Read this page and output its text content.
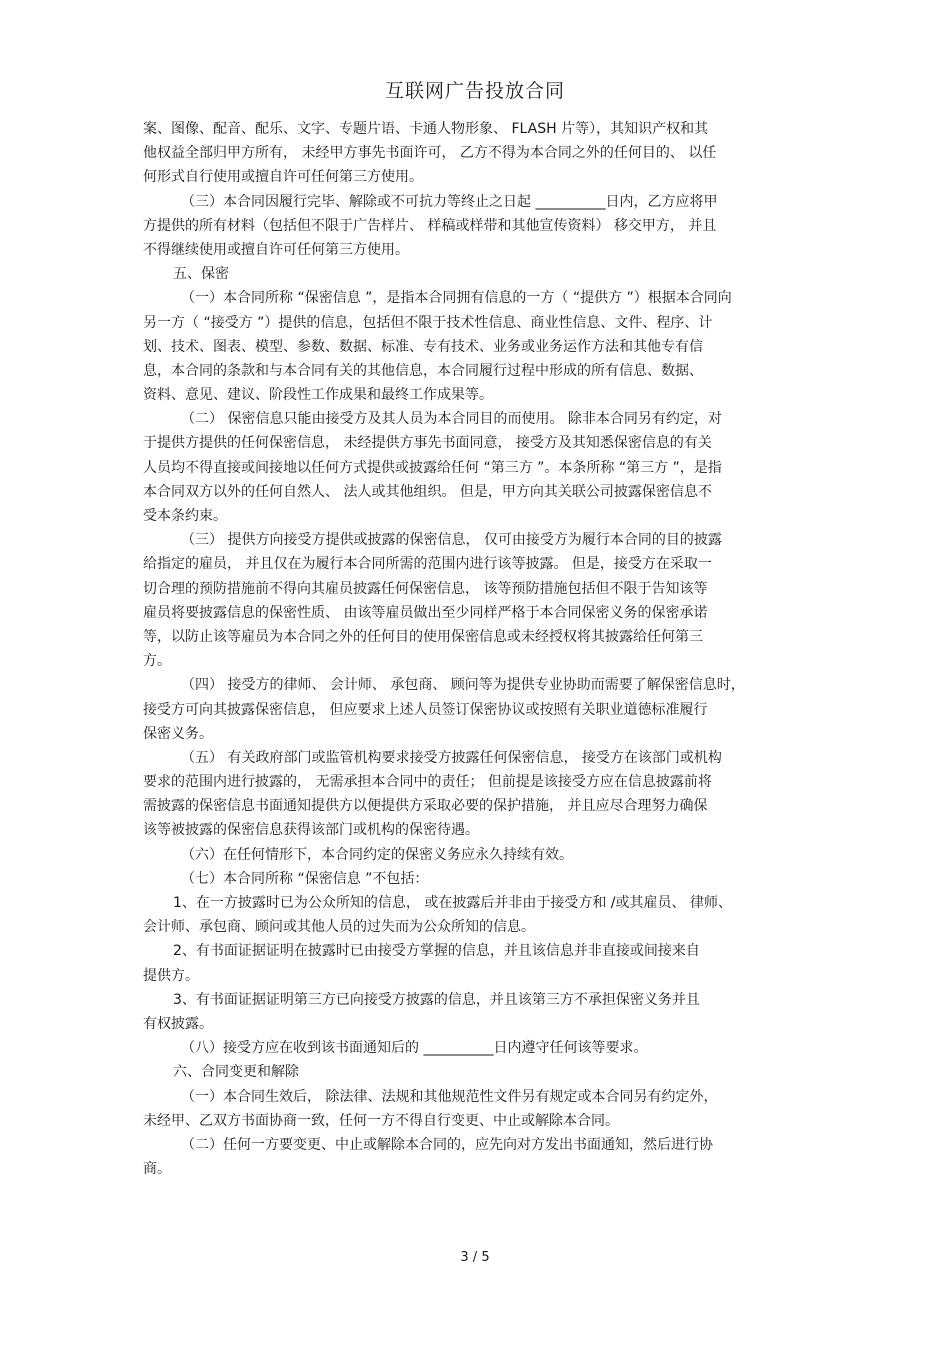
互联网广告投放合同
案、图像、配音、配乐、文字、专题片语、卡通人物形象、 FLASH 片等），其知识产权和其
他权益全部归甲方所有， 未经甲方事先书面许可， 乙方不得为本合同之外的任何目的、 以任
何形式自行使用或擅自许可任何第三方使用。
（三）本合同因履行完毕、解除或不可抗力等终止之日起 __________日内，乙方应将甲
方提供的所有材料（包括但不限于广告样片、 样稿或样带和其他宣传资料） 移交甲方， 并且
不得继续使用或擅自许可任何第三方使用。
五、保密
（一）本合同所称 “保密信息 ”，是指本合同拥有信息的一方（ “提供方 ”）根据本合同向
另一方（ “接受方 ”）提供的信息，包括但不限于技术性信息、商业性信息、文件、程序、计
划、技术、图表、模型、参数、数据、标准、专有技术、业务或业务运作方法和其他专有信
息，本合同的条款和与本合同有关的其他信息，本合同履行过程中形成的所有信息、数据、
资料、意见、建议、阶段性工作成果和最终工作成果等。
（二） 保密信息只能由接受方及其人员为本合同目的而使用。 除非本合同另有约定，对
于提供方提供的任何保密信息， 未经提供方事先书面同意， 接受方及其知悉保密信息的有关
人员均不得直接或间接地以任何方式提供或披露给任何 “第三方 ”。本条所称 “第三方 ”，是指
本合同双方以外的任何自然人、 法人或其他组织。 但是，甲方向其关联公司披露保密信息不
受本条约束。
（三） 提供方向接受方提供或披露的保密信息， 仅可由接受方为履行本合同的目的披露
给指定的雇员， 并且仅在为履行本合同所需的范围内进行该等披露。 但是，接受方在采取一
切合理的预防措施前不得向其雇员披露任何保密信息， 该等预防措施包括但不限于告知该等
雇员将要披露信息的保密性质、 由该等雇员做出至少同样严格于本合同保密义务的保密承诺
等，以防止该等雇员为本合同之外的任何目的使用保密信息或未经授权将其披露给任何第三
方。
（四） 接受方的律师、 会计师、 承包商、 顾问等为提供专业协助而需要了解保密信息时，
接受方可向其披露保密信息， 但应要求上述人员签订保密协议或按照有关职业道德标准履行
保密义务。
（五） 有关政府部门或监管机构要求接受方披露任何保密信息， 接受方在该部门或机构
要求的范围内进行披露的， 无需承担本合同中的责任； 但前提是该接受方应在信息披露前将
需披露的保密信息书面通知提供方以便提供方采取必要的保护措施， 并且应尽合理努力确保
该等被披露的保密信息获得该部门或机构的保密待遇。
（六）在任何情形下，本合同约定的保密义务应永久持续有效。
（七）本合同所称 “保密信息 ”不包括：
1、在一方披露时已为公众所知的信息， 或在披露后并非由于接受方和 /或其雇员、 律师、
会计师、承包商、顾问或其他人员的过失而为公众所知的信息。
2、有书面证据证明在披露时已由接受方掌握的信息，并且该信息并非直接或间接来自
提供方。
3、有书面证据证明第三方已向接受方披露的信息，并且该第三方不承担保密义务并且
有权披露。
（八）接受方应在收到该书面通知后的 __________日内遵守任何该等要求。
六、合同变更和解除
（一）本合同生效后， 除法律、法规和其他规范性文件另有规定或本合同另有约定外，
未经甲、乙双方书面协商一致，任何一方不得自行变更、中止或解除本合同。
（二）任何一方要变更、中止或解除本合同的，应先向对方发出书面通知，然后进行协
商。
3 / 5
